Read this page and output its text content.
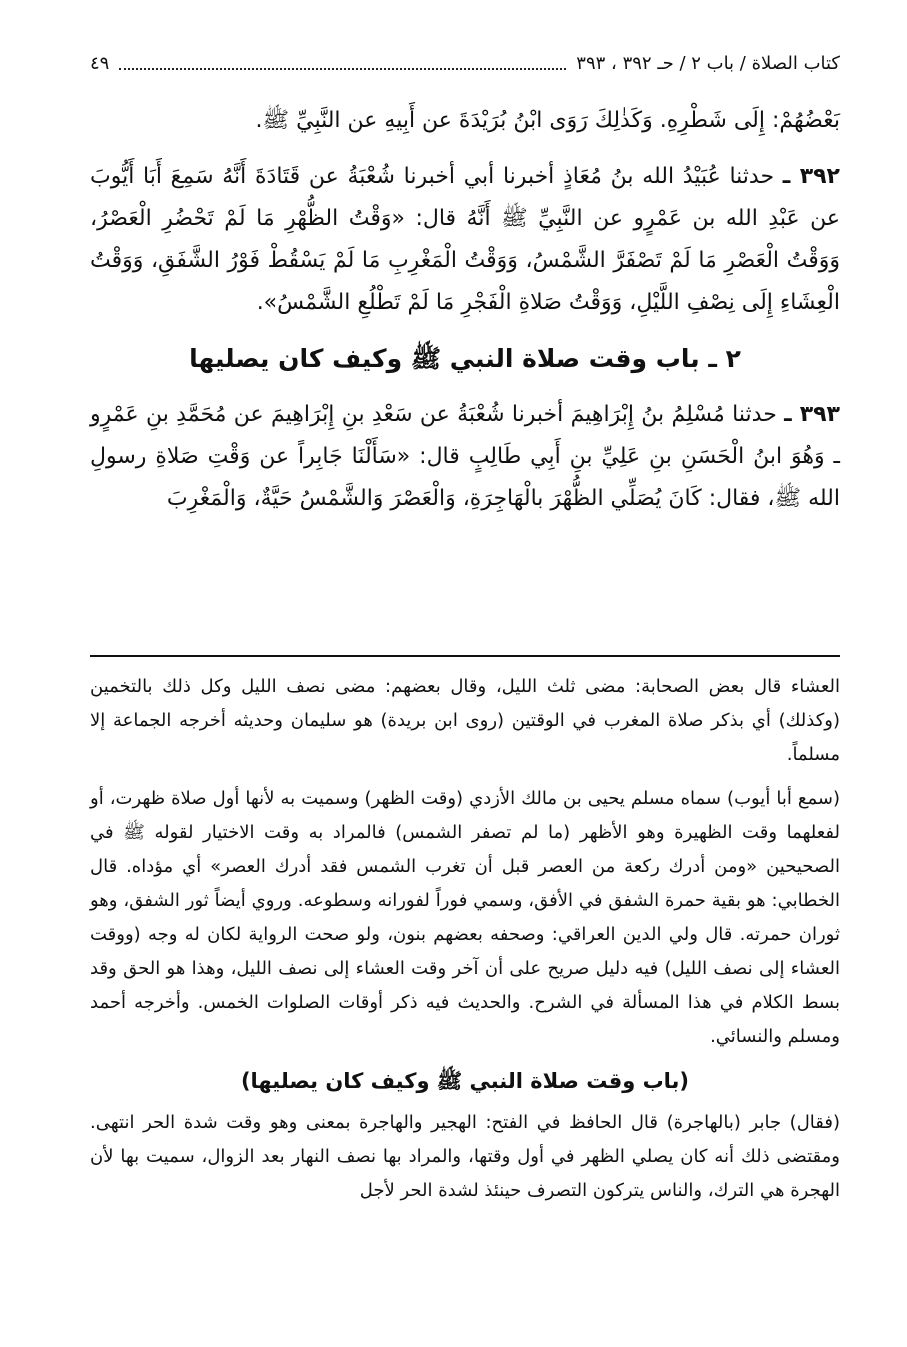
كتاب الصلاة / باب ٢ / حـ ٣٩٢ ، ٣٩٣
٤٩

بَعْضُهُمْ: إِلَى شَطْرِهِ. وَكَذٰلِكَ رَوَى ابْنُ بُرَيْدَةَ عن أَبِيهِ عن النَّبِيِّ ﷺ.

٣٩٢ ـ حدثنا عُبَيْدُ الله بنُ مُعَاذٍ أخبرنا أبي أخبرنا شُعْبَةُ عن قَتَادَةَ أَنَّهُ سَمِعَ أَبَا أَيُّوبَ عن عَبْدِ الله بن عَمْرٍو عن النَّبِيِّ ﷺ أَنَّهُ قال: «وَقْتُ الظُّهْرِ مَا لَمْ تَحْضُرِ الْعَصْرُ، وَوَقْتُ الْعَصْرِ مَا لَمْ تَصْفَرَّ الشَّمْسُ، وَوَقْتُ الْمَغْرِبِ مَا لَمْ يَسْقُطْ فَوْرُ الشَّفَقِ، وَوَقْتُ الْعِشَاءِ إِلَى نِصْفِ اللَّيْلِ، وَوَقْتُ صَلاةِ الْفَجْرِ مَا لَمْ تَطْلُعِ الشَّمْسُ».

٢ ـ باب وقت صلاة النبي ﷺ وكيف كان يصليها

٣٩٣ ـ حدثنا مُسْلِمُ بنُ إِبْرَاهِيمَ أخبرنا شُعْبَةُ عن سَعْدِ بنِ إِبْرَاهِيمَ عن مُحَمَّدِ بنِ عَمْرٍو ـ وَهُوَ ابنُ الْحَسَنِ بنِ عَلِيِّ بنِ أَبِي طَالِبٍ قال: «سَأَلْنَا جَابِراً عن وَقْتِ صَلاةِ رسولِ الله ﷺ، فقال: كَانَ يُصَلِّي الظُّهْرَ بالْهَاجِرَةِ، وَالْعَصْرَ وَالشَّمْسُ حَيَّةٌ، وَالْمَغْرِبَ

العشاء قال بعض الصحابة: مضى ثلث الليل، وقال بعضهم: مضى نصف الليل وكل ذلك بالتخمين (وكذلك) أي بذكر صلاة المغرب في الوقتين (روى ابن بريدة) هو سليمان وحديثه أخرجه الجماعة إلا مسلماً.

(سمع أبا أيوب) سماه مسلم يحيى بن مالك الأزدي (وقت الظهر) وسميت به لأنها أول صلاة ظهرت، أو لفعلهما وقت الظهيرة وهو الأظهر (ما لم تصفر الشمس) فالمراد به وقت الاختيار لقوله ﷺ في الصحيحين «ومن أدرك ركعة من العصر قبل أن تغرب الشمس فقد أدرك العصر» أي مؤداه. قال الخطابي: هو بقية حمرة الشفق في الأفق، وسمي فوراً لفورانه وسطوعه. وروي أيضاً ثور الشفق، وهو ثوران حمرته. قال ولي الدين العراقي: وصحفه بعضهم بنون، ولو صحت الرواية لكان له وجه (ووقت العشاء إلى نصف الليل) فيه دليل صريح على أن آخر وقت العشاء إلى نصف الليل، وهذا هو الحق وقد بسط الكلام في هذا المسألة في الشرح. والحديث فيه ذكر أوقات الصلوات الخمس. وأخرجه أحمد ومسلم والنسائي.

(باب وقت صلاة النبي ﷺ وكيف كان يصليها)

(فقال) جابر (بالهاجرة) قال الحافظ في الفتح: الهجير والهاجرة بمعنى وهو وقت شدة الحر انتهى. ومقتضى ذلك أنه كان يصلي الظهر في أول وقتها، والمراد بها نصف النهار بعد الزوال، سميت بها لأن الهجرة هي الترك، والناس يتركون التصرف حينئذ لشدة الحر لأجل
